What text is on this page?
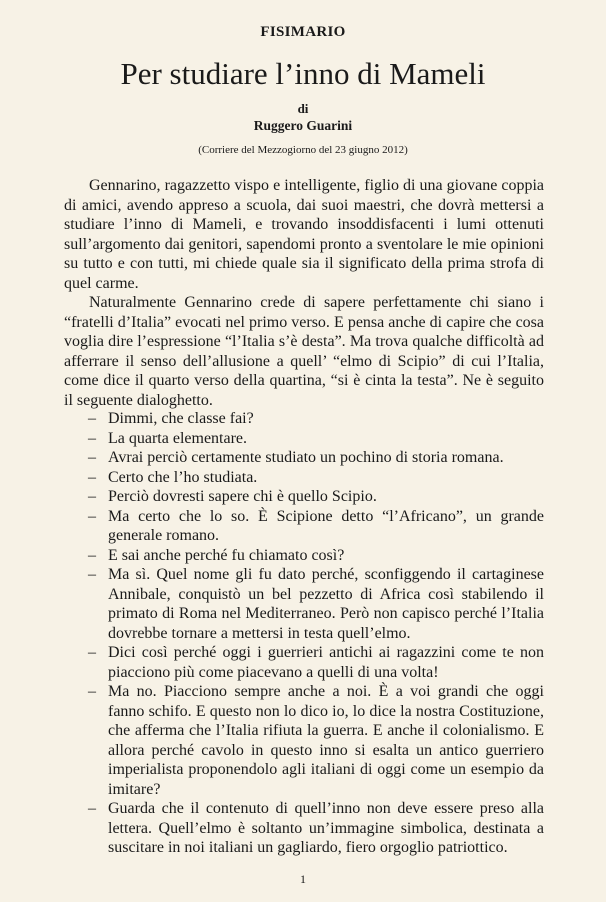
FISIMARIO
Per studiare l’inno di Mameli
di
Ruggero Guarini
(Corriere del Mezzogiorno del 23 giugno 2012)

Gennarino, ragazzetto vispo e intelligente, figlio di una giovane coppia di amici, avendo appreso a scuola, dai suoi maestri, che dovrà mettersi a studiare l’inno di Mameli, e trovando insoddisfacenti i lumi ottenuti sull’argomento dai genitori, sapendomi pronto a sventolare le mie opinioni su tutto e con tutti, mi chiede quale sia il significato della prima strofa di quel carme.

Naturalmente Gennarino crede di sapere perfettamente chi siano i “fratelli d’Italia” evocati nel primo verso. E pensa anche di capire che cosa voglia dire l’espressione “l’Italia s’è desta”. Ma trova qualche difficoltà ad afferrare il senso dell’allusione a quell’ “elmo di Scipio” di cui l’Italia, come dice il quarto verso della quartina, “si è cinta la testa”. Ne è seguito il seguente dialoghetto.

– Dimmi, che classe fai?
– La quarta elementare.
– Avrai perciò certamente studiato un pochino di storia romana.
– Certo che l’ho studiata.
– Perciò dovresti sapere chi è quello Scipio.
– Ma certo che lo so. È Scipione detto “l’Africano”, un grande generale romano.
– E sai anche perché fu chiamato così?
– Ma sì. Quel nome gli fu dato perché, sconfiggendo il cartaginese Annibale, conquistò un bel pezzetto di Africa così stabilendo il primato di Roma nel Mediterraneo. Però non capisco perché l’Italia dovrebbe tornare a mettersi in testa quell’elmo.
– Dici così perché oggi i guerrieri antichi ai ragazzini come te non piacciono più come piacevano a quelli di una volta!
– Ma no. Piacciono sempre anche a noi. È a voi grandi che oggi fanno schifo. E questo non lo dico io, lo dice la nostra Costituzione, che afferma che l’Italia rifiuta la guerra. E anche il colonialismo. E allora perché cavolo in questo inno si esalta un antico guerriero imperialista proponendolo agli italiani di oggi come un esempio da imitare?
– Guarda che il contenuto di quell’inno non deve essere preso alla lettera. Quell’elmo è soltanto un’immagine simbolica, destinata a suscitare in noi italiani un gagliardo, fiero orgoglio patriottico.
1
